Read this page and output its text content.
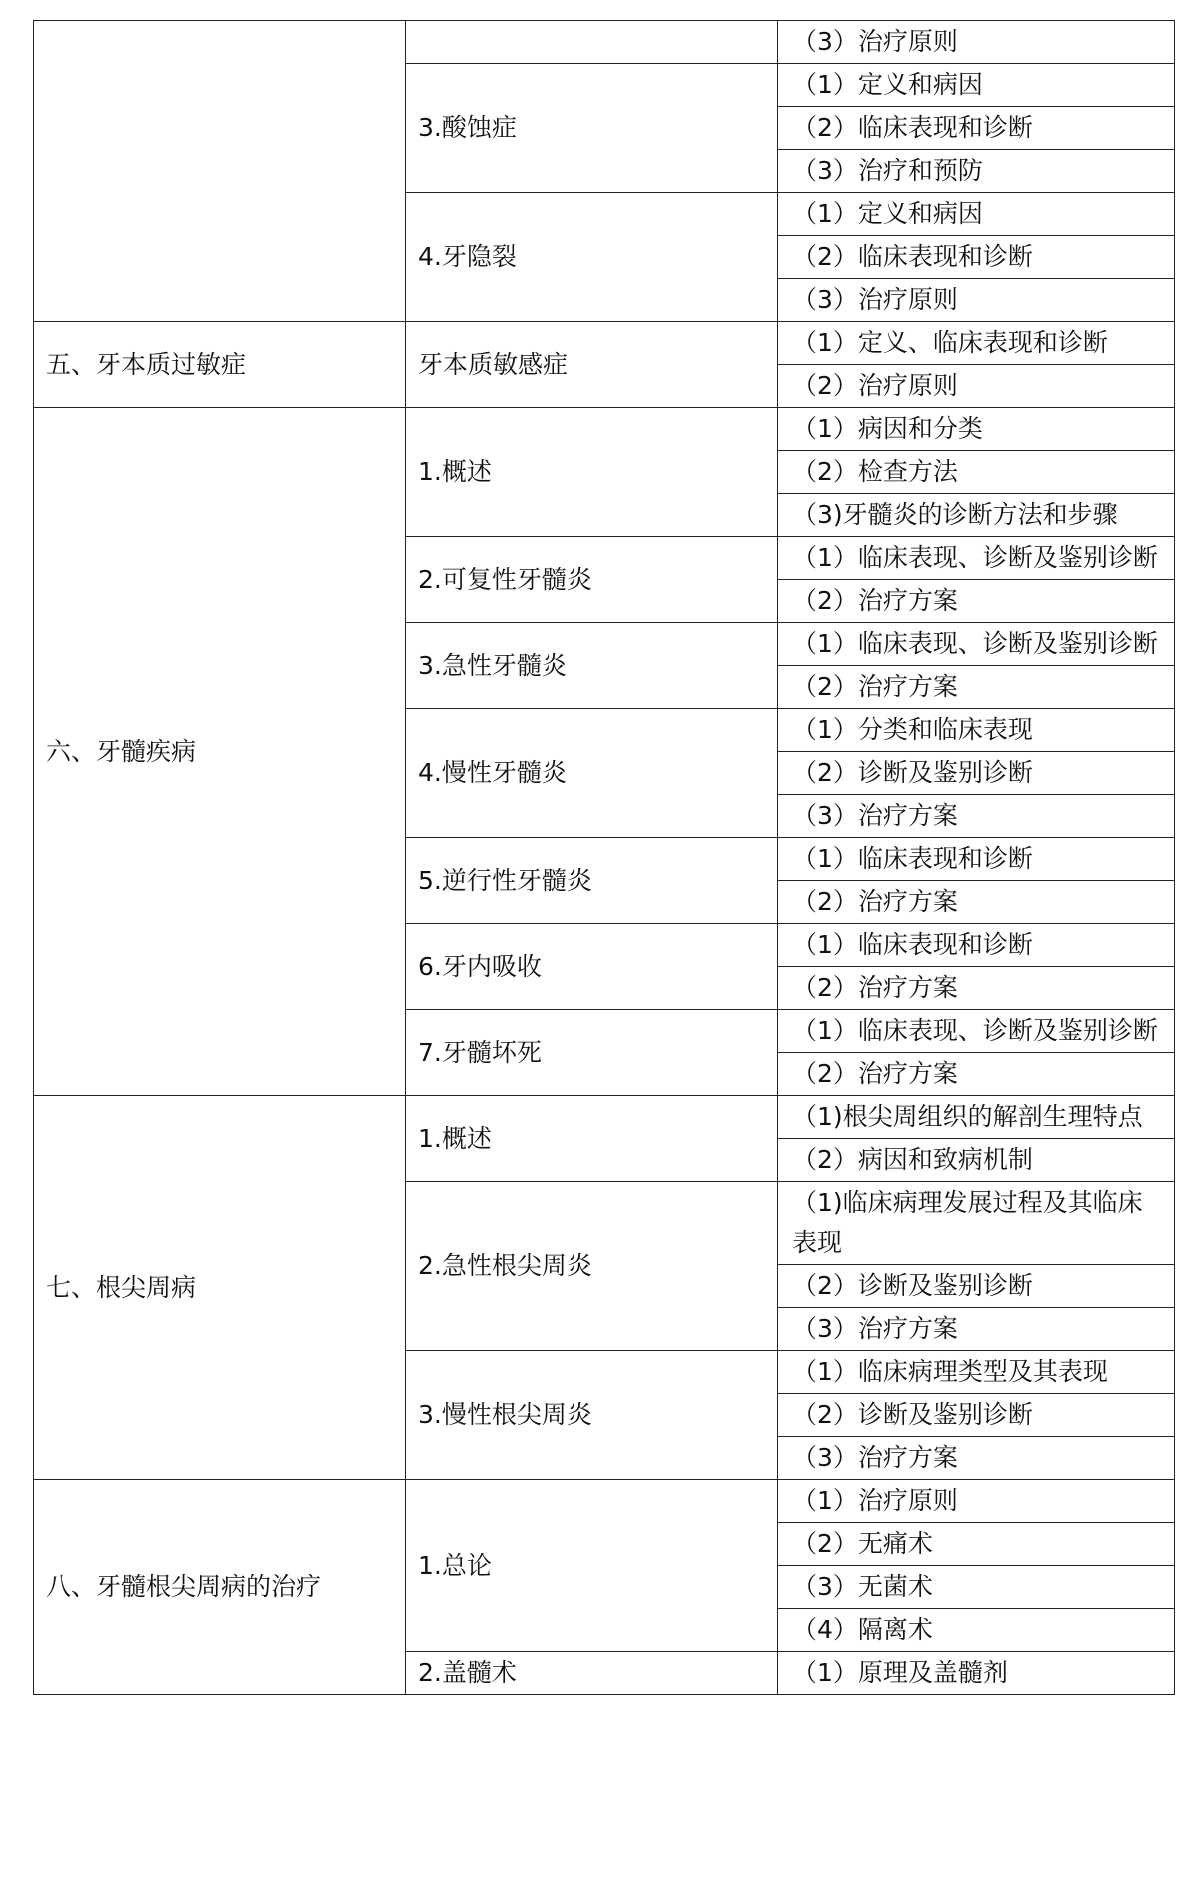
		（3）治疗原则
	3.酸蚀症	（1）定义和病因
		（2）临床表现和诊断
		（3）治疗和预防
	4.牙隐裂	（1）定义和病因
		（2）临床表现和诊断
		（3）治疗原则
五、牙本质过敏症	牙本质敏感症	（1）定义、临床表现和诊断
		（2）治疗原则
六、牙髓疾病	1.概述	（1）病因和分类
		（2）检查方法
		（3)牙髓炎的诊断方法和步骤
	2.可复性牙髓炎	（1）临床表现、诊断及鉴别诊断
		（2）治疗方案
	3.急性牙髓炎	（1）临床表现、诊断及鉴别诊断
		（2）治疗方案
	4.慢性牙髓炎	（1）分类和临床表现
		（2）诊断及鉴别诊断
		（3）治疗方案
	5.逆行性牙髓炎	（1）临床表现和诊断
		（2）治疗方案
	6.牙内吸收	（1）临床表现和诊断
		（2）治疗方案
	7.牙髓坏死	（1）临床表现、诊断及鉴别诊断
		（2）治疗方案
七、根尖周病	1.概述	（1)根尖周组织的解剖生理特点
		（2）病因和致病机制
	2.急性根尖周炎	（1)临床病理发展过程及其临床表现
		（2）诊断及鉴别诊断
		（3）治疗方案
	3.慢性根尖周炎	（1）临床病理类型及其表现
		（2）诊断及鉴别诊断
		（3）治疗方案
八、牙髓根尖周病的治疗	1.总论	（1）治疗原则
		（2）无痛术
		（3）无菌术
		（4）隔离术
	2.盖髓术	（1）原理及盖髓剂
